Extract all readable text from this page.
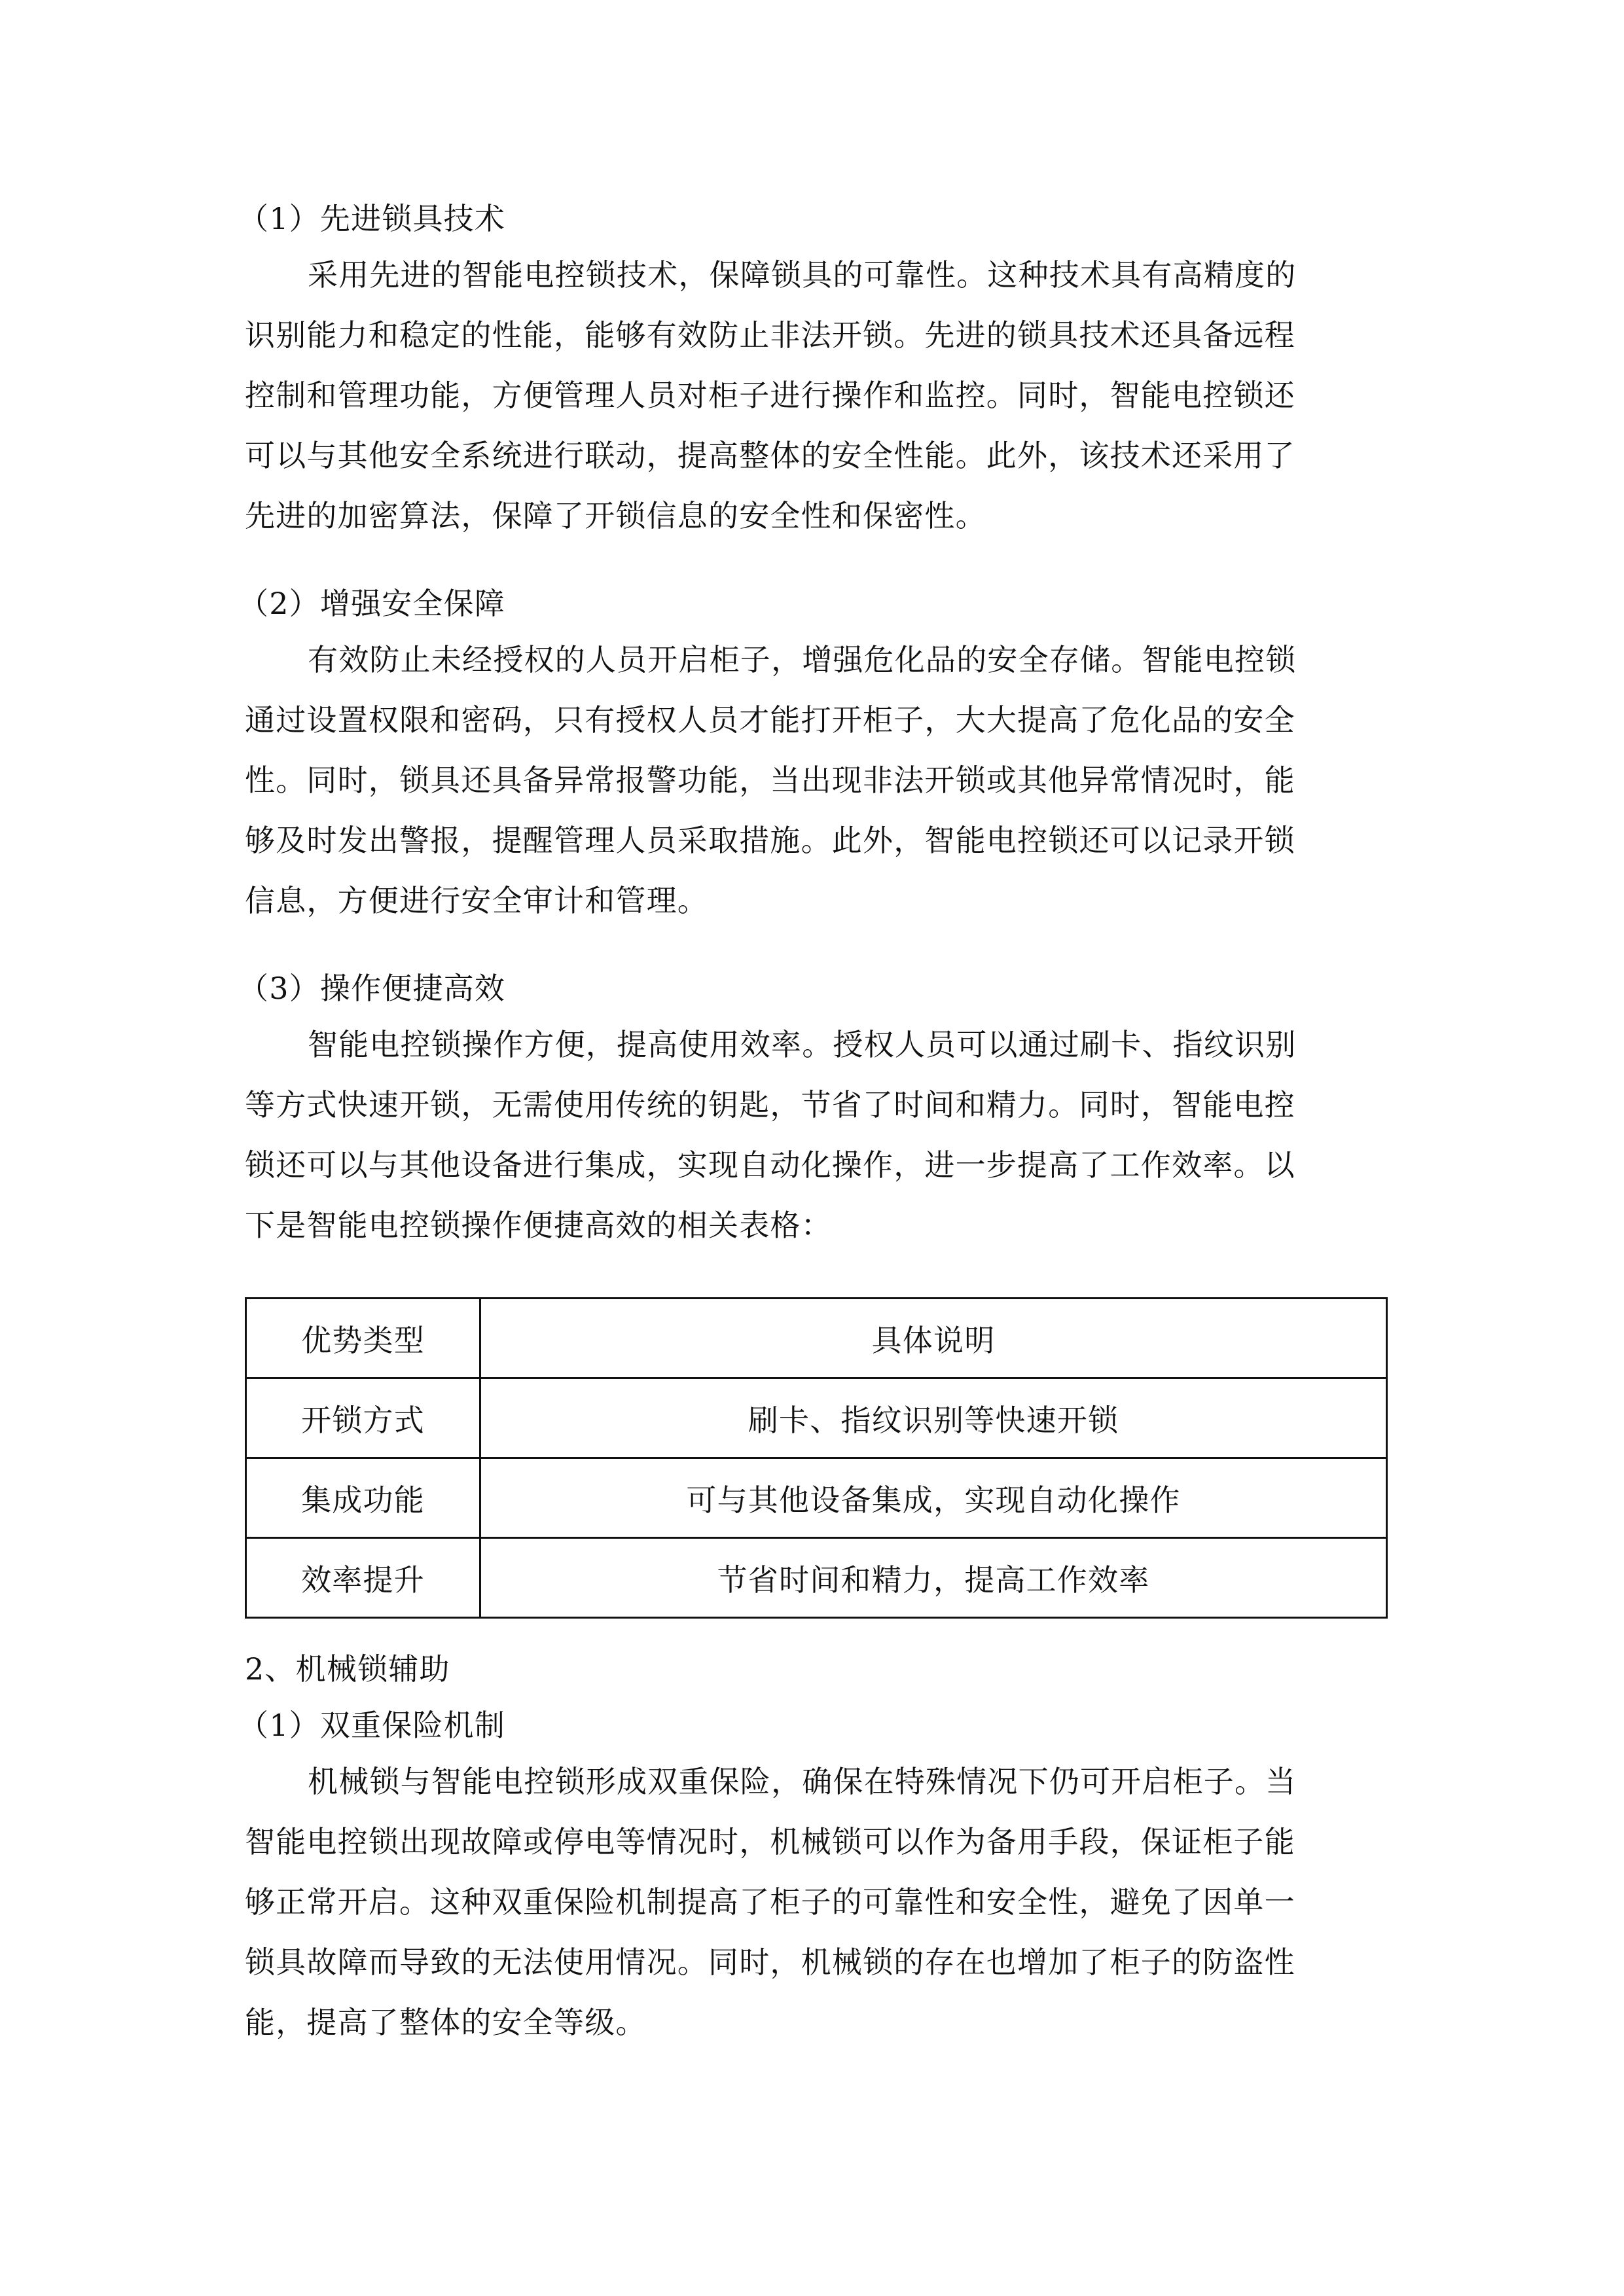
（1）先进锁具技术
采用先进的智能电控锁技术，保障锁具的可靠性。这种技术具有高精度的
识别能力和稳定的性能，能够有效防止非法开锁。先进的锁具技术还具备远程
控制和管理功能，方便管理人员对柜子进行操作和监控。同时，智能电控锁还
可以与其他安全系统进行联动，提高整体的安全性能。此外，该技术还采用了
先进的加密算法，保障了开锁信息的安全性和保密性。
（2）增强安全保障
有效防止未经授权的人员开启柜子，增强危化品的安全存储。智能电控锁
通过设置权限和密码，只有授权人员才能打开柜子，大大提高了危化品的安全
性。同时，锁具还具备异常报警功能，当出现非法开锁或其他异常情况时，能
够及时发出警报，提醒管理人员采取措施。此外，智能电控锁还可以记录开锁
信息，方便进行安全审计和管理。
（3）操作便捷高效
智能电控锁操作方便，提高使用效率。授权人员可以通过刷卡、指纹识别
等方式快速开锁，无需使用传统的钥匙，节省了时间和精力。同时，智能电控
锁还可以与其他设备进行集成，实现自动化操作，进一步提高了工作效率。以
下是智能电控锁操作便捷高效的相关表格：
优势类型	具体说明
开锁方式	刷卡、指纹识别等快速开锁
集成功能	可与其他设备集成，实现自动化操作
效率提升	节省时间和精力，提高工作效率
2、机械锁辅助
（1）双重保险机制
机械锁与智能电控锁形成双重保险，确保在特殊情况下仍可开启柜子。当
智能电控锁出现故障或停电等情况时，机械锁可以作为备用手段，保证柜子能
够正常开启。这种双重保险机制提高了柜子的可靠性和安全性，避免了因单一
锁具故障而导致的无法使用情况。同时，机械锁的存在也增加了柜子的防盗性
能，提高了整体的安全等级。
